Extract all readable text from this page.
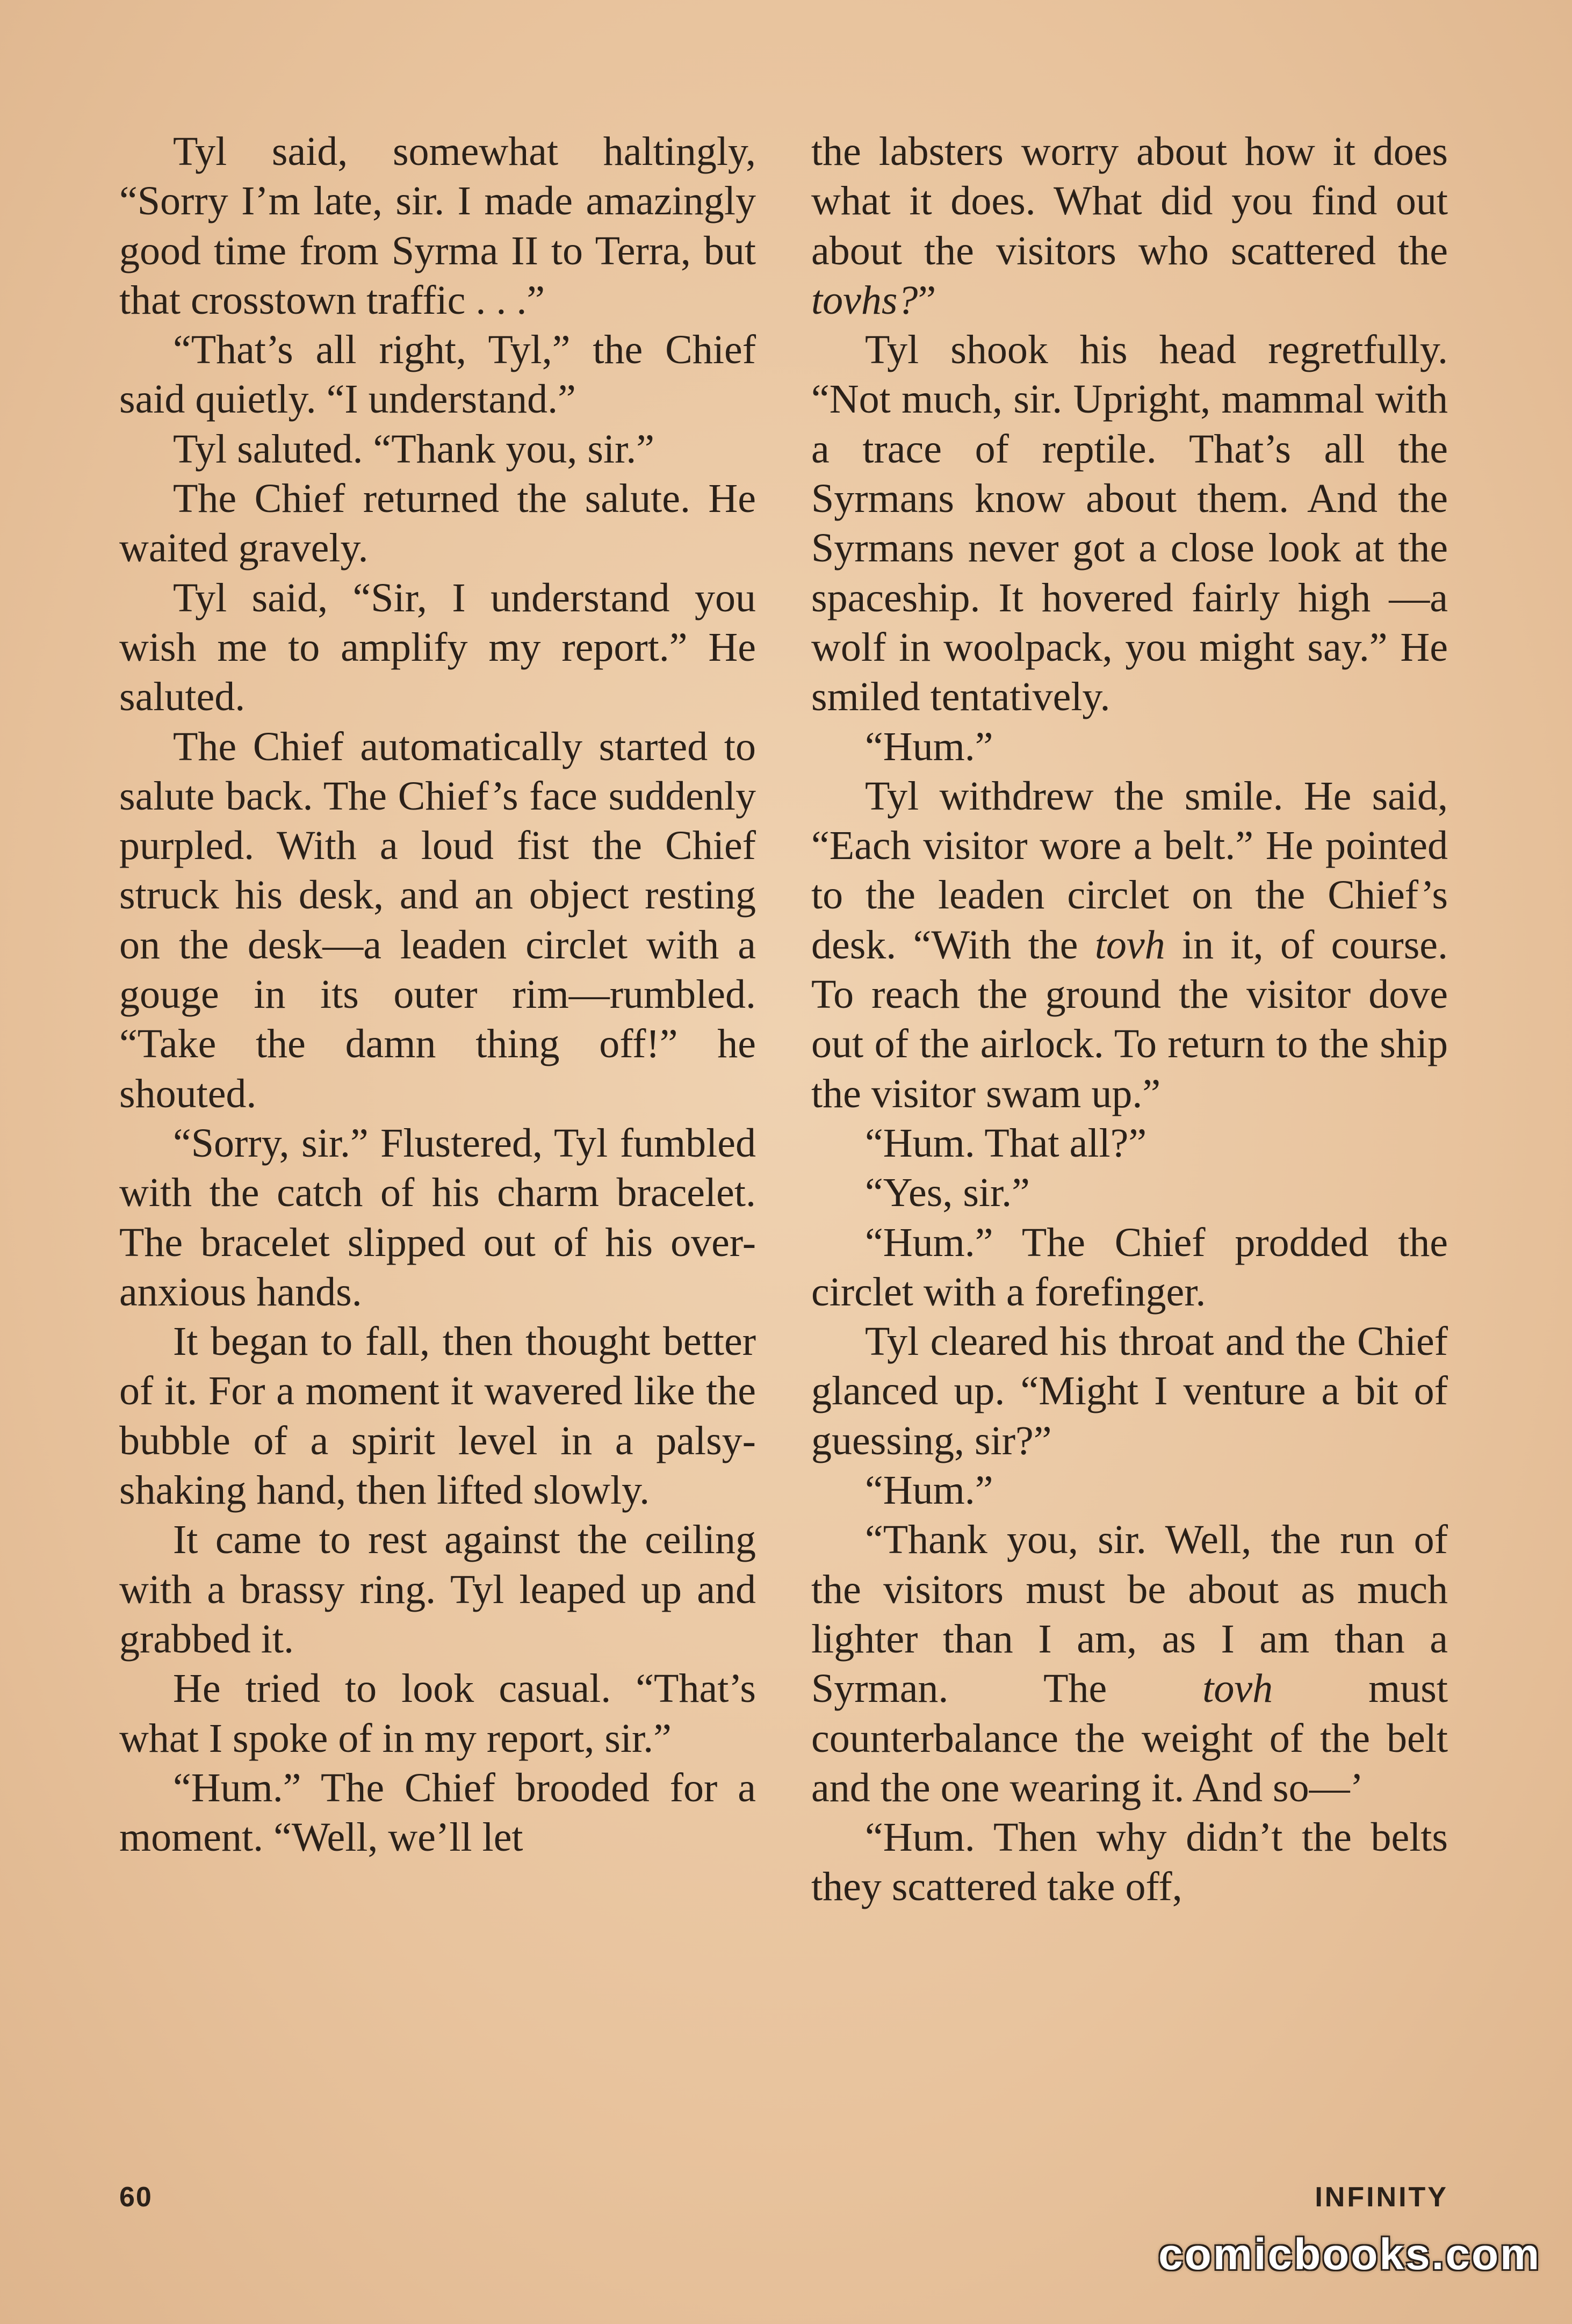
Tyl said, somewhat haltingly, “Sorry I’m late, sir. I made amazingly good time from Syrma II to Terra, but that crosstown traffic . . .”

“That’s all right, Tyl,” the Chief said quietly. “I understand.”

Tyl saluted. “Thank you, sir.”

The Chief returned the salute. He waited gravely.

Tyl said, “Sir, I understand you wish me to amplify my report.” He saluted.

The Chief automatically started to salute back. The Chief’s face suddenly purpled. With a loud fist the Chief struck his desk, and an object resting on the desk—a leaden circlet with a gouge in its outer rim—rumbled. “Take the damn thing off!” he shouted.

“Sorry, sir.” Flustered, Tyl fumbled with the catch of his charm bracelet. The bracelet slipped out of his over-anxious hands.

It began to fall, then thought better of it. For a moment it wavered like the bubble of a spirit level in a palsy-shaking hand, then lifted slowly.

It came to rest against the ceiling with a brassy ring. Tyl leaped up and grabbed it.

He tried to look casual. “That’s what I spoke of in my report, sir.”

“Hum.” The Chief brooded for a moment. “Well, we’ll let

the labsters worry about how it does what it does. What did you find out about the visitors who scattered the tovhs?”

Tyl shook his head regretfully. “Not much, sir. Upright, mammal with a trace of reptile. That’s all the Syrmans know about them. And the Syrmans never got a close look at the spaceship. It hovered fairly high —a wolf in woolpack, you might say.” He smiled tentatively.

“Hum.”

Tyl withdrew the smile. He said, “Each visitor wore a belt.” He pointed to the leaden circlet on the Chief’s desk. “With the tovh in it, of course. To reach the ground the visitor dove out of the airlock. To return to the ship the visitor swam up.”

“Hum. That all?”

“Yes, sir.”

“Hum.” The Chief prodded the circlet with a forefinger.

Tyl cleared his throat and the Chief glanced up. “Might I venture a bit of guessing, sir?”

“Hum.”

“Thank you, sir. Well, the run of the visitors must be about as much lighter than I am, as I am than a Syrman. The tovh must counterbalance the weight of the belt and the one wearing it. And so—’

“Hum. Then why didn’t the belts they scattered take off,

60	INFINITY
comicbooks.com
